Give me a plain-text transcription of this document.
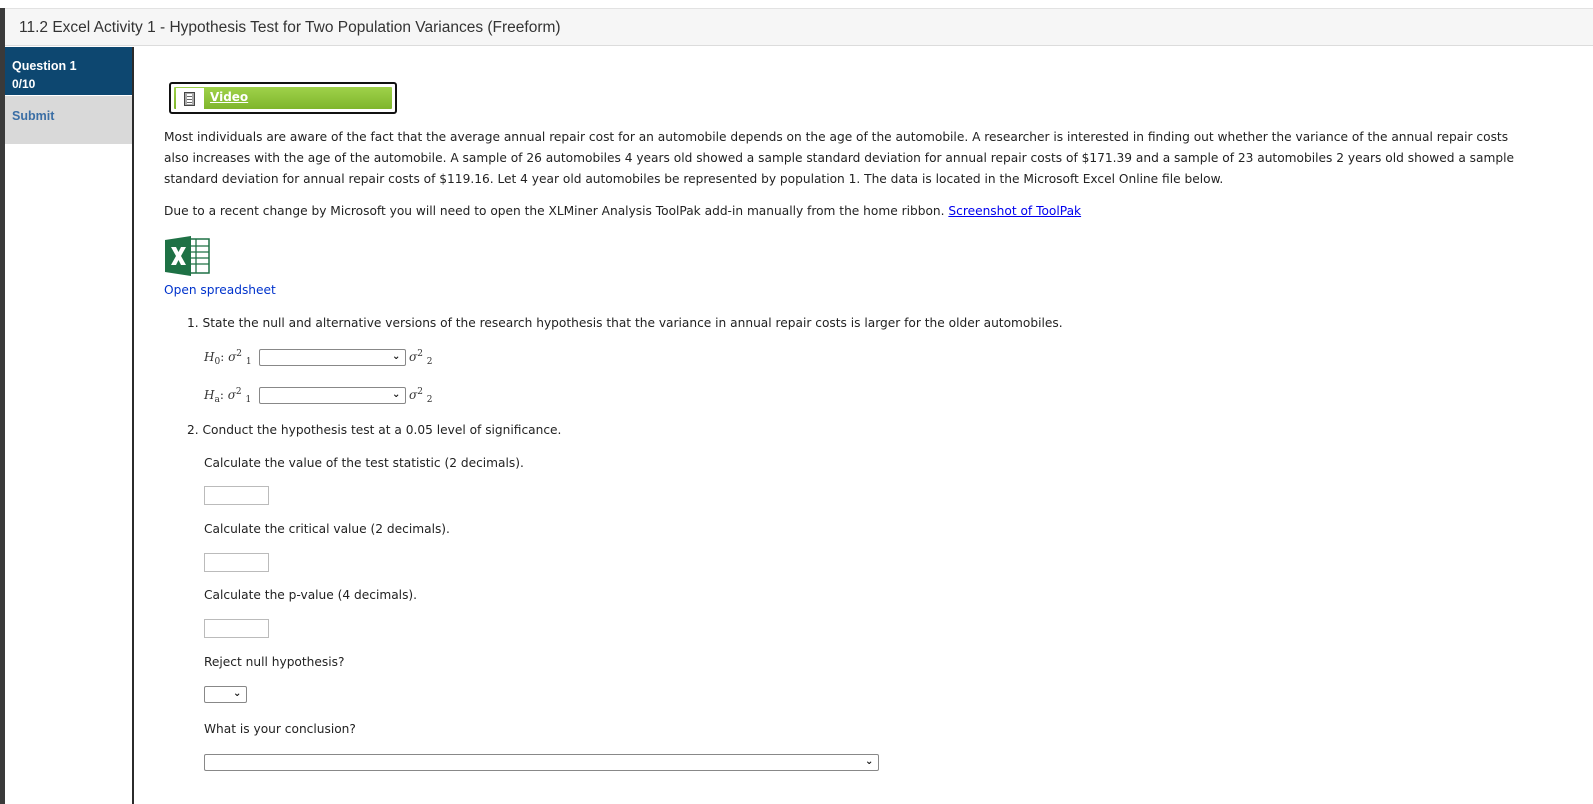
11.2 Excel Activity 1 - Hypothesis Test for Two Population Variances (Freeform)
Question 1
0/10
Submit
Video
Most individuals are aware of the fact that the average annual repair cost for an automobile depends on the age of the automobile. A researcher is interested in finding out whether the variance of the annual repair costs also increases with the age of the automobile. A sample of 26 automobiles 4 years old showed a sample standard deviation for annual repair costs of $171.39 and a sample of 23 automobiles 2 years old showed a sample standard deviation for annual repair costs of $119.16. Let 4 year old automobiles be represented by population 1. The data is located in the Microsoft Excel Online file below.
Due to a recent change by Microsoft you will need to open the XLMiner Analysis ToolPak add-in manually from the home ribbon. Screenshot of ToolPak
Open spreadsheet
1. State the null and alternative versions of the research hypothesis that the variance in annual repair costs is larger for the older automobiles.
$H_0$: $\sigma^2$ $_1$	⌄ $\sigma^2$ $_2$
$H_a$: $\sigma^2$ $_1$	⌄ $\sigma^2$ $_2$
2. Conduct the hypothesis test at a 0.05 level of significance.
Calculate the value of the test statistic (2 decimals).
Calculate the critical value (2 decimals).
Calculate the p-value (4 decimals).
Reject null hypothesis?
⌄
What is your conclusion?
⌄
